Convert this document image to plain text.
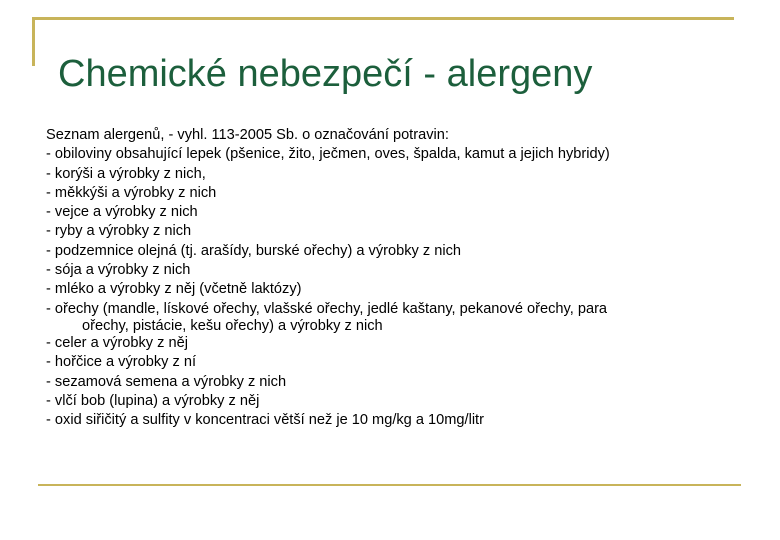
Chemické nebezpečí - alergeny

Seznam alergenů, - vyhl. 113-2005 Sb. o označování potravin:

- obiloviny obsahující lepek (pšenice, žito, ječmen, oves, špalda, kamut a jejich hybridy)

- korýši a výrobky z nich,

- měkkýši a výrobky z nich

- vejce a výrobky z nich

- ryby a výrobky z nich

- podzemnice olejná (tj. arašídy, burské ořechy) a výrobky z nich

- sója a výrobky z nich

- mléko a výrobky z něj (včetně laktózy)

- ořechy (mandle, lískové ořechy, vlašské ořechy, jedlé kaštany, pekanové ořechy, para
ořechy, pistácie, kešu ořechy) a výrobky z nich

- celer a výrobky z něj

- hořčice a výrobky z ní

- sezamová semena a výrobky z nich

- vlčí bob (lupina) a výrobky z něj

- oxid siřičitý a sulfity v koncentraci větší než je 10 mg/kg a 10mg/litr
